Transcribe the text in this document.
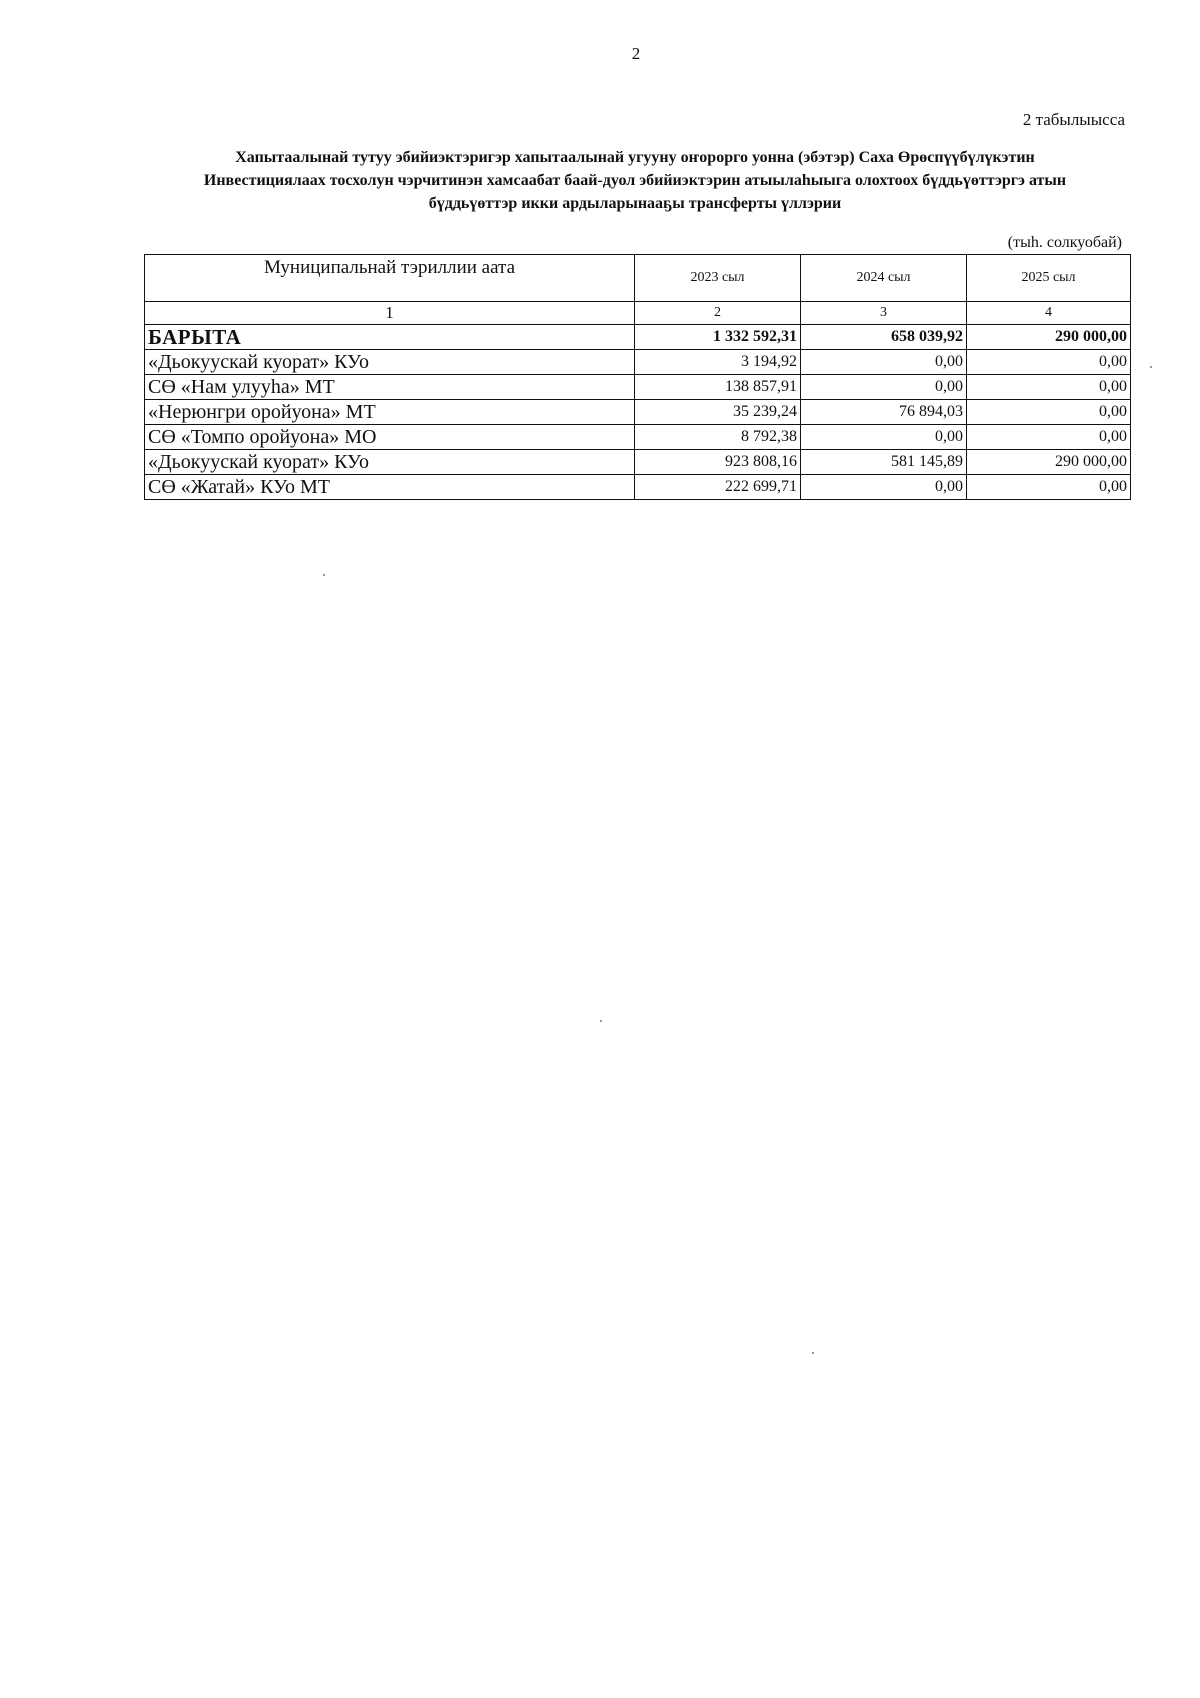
2
2 табылыысса
Хапытаалынай тутуу эбийиэктэригэр хапытаалынай угууну оҥорорго уонна (эбэтэр) Саха Өрөспүүбүлүкэтин
Инвестициялаах тосхолун чэрчитинэн хамсаабат баай-дуол эбийиэктэрин атыылаһыыга олохтоох бүддьүөттэргэ атын
бүддьүөттэр икки ардыларынааҕы трансферты үллэрии
(тыһ. солкуобай)
Муниципальнай тэриллии аата	2023 сыл	2024 сыл	2025 сыл
1	2	3	4
БАРЫТА	1 332 592,31	658 039,92	290 000,00
«Дьокуускай куорат» КУо	3 194,92	0,00	0,00
СӨ «Нам улууһа» МТ	138 857,91	0,00	0,00
«Нерюнгри оройуона» МТ	35 239,24	76 894,03	0,00
СӨ «Томпо оройуона» МО	8 792,38	0,00	0,00
«Дьокуускай куорат» КУо	923 808,16	581 145,89	290 000,00
СӨ «Жатай» КУо МТ	222 699,71	0,00	0,00
